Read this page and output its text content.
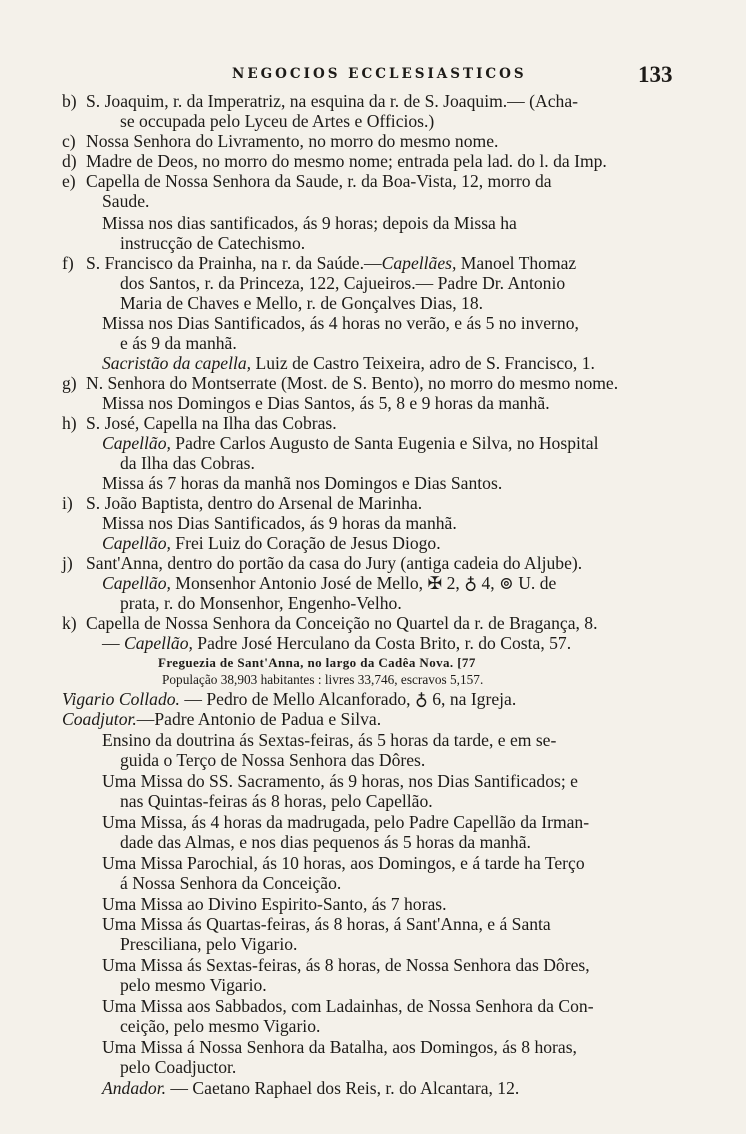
NEGOCIOS ECCLESIASTICOS	133
b) S. Joaquim, r. da Imperatriz, na esquina da r. de S. Joaquim.— (Acha-
se occupada pelo Lyceu de Artes e Officios.)
c) Nossa Senhora do Livramento, no morro do mesmo nome.
d) Madre de Deos, no morro do mesmo nome; entrada pela lad. do l. da Imp.
e) Capella de Nossa Senhora da Saude, r. da Boa-Vista, 12, morro da
Saude.
Missa nos dias santificados, ás 9 horas; depois da Missa ha
instrucção de Catechismo.
f) S. Francisco da Prainha, na r. da Saúde.—Capellães, Manoel Thomaz
dos Santos, r. da Princeza, 122, Cajueiros.— Padre Dr. Antonio
Maria de Chaves e Mello, r. de Gonçalves Dias, 18.
Missa nos Dias Santificados, ás 4 horas no verão, e ás 5 no inverno,
e ás 9 da manhã.
Sacristão da capella, Luiz de Castro Teixeira, adro de S. Francisco, 1.
g) N. Senhora do Montserrate (Most. de S. Bento), no morro do mesmo nome.
Missa nos Domingos e Dias Santos, ás 5, 8 e 9 horas da manhã.
h) S. José, Capella na Ilha das Cobras.
Capellão, Padre Carlos Augusto de Santa Eugenia e Silva, no Hospital
da Ilha das Cobras.
Missa ás 7 horas da manhã nos Domingos e Dias Santos.
i) S. João Baptista, dentro do Arsenal de Marinha.
Missa nos Dias Santificados, ás 9 horas da manhã.
Capellão, Frei Luiz do Coração de Jesus Diogo.
j) Sant'Anna, dentro do portão da casa do Jury (antiga cadeia do Aljube).
Capellão, Monsenhor Antonio José de Mello, ✠ 2, ♁ 4, ⊚ U. de
prata, r. do Monsenhor, Engenho-Velho.
k) Capella de Nossa Senhora da Conceição no Quartel da r. de Bragança, 8.
— Capellão, Padre José Herculano da Costa Brito, r. do Costa, 57.
Freguezia de Sant'Anna, no largo da Cadêa Nova. [77
População 38,903 habitantes : livres 33,746, escravos 5,157.
Vigario Collado. — Pedro de Mello Alcanforado, ♁ 6, na Igreja.
Coadjutor.—Padre Antonio de Padua e Silva.
Ensino da doutrina ás Sextas-feiras, ás 5 horas da tarde, e em se-
guida o Terço de Nossa Senhora das Dôres.
Uma Missa do SS. Sacramento, ás 9 horas, nos Dias Santificados; e
nas Quintas-feiras ás 8 horas, pelo Capellão.
Uma Missa, ás 4 horas da madrugada, pelo Padre Capellão da Irman-
dade das Almas, e nos dias pequenos ás 5 horas da manhã.
Uma Missa Parochial, ás 10 horas, aos Domingos, e á tarde ha Terço
á Nossa Senhora da Conceição.
Uma Missa ao Divino Espirito-Santo, ás 7 horas.
Uma Missa ás Quartas-feiras, ás 8 horas, á Sant'Anna, e á Santa
Presciliana, pelo Vigario.
Uma Missa ás Sextas-feiras, ás 8 horas, de Nossa Senhora das Dôres,
pelo mesmo Vigario.
Uma Missa aos Sabbados, com Ladainhas, de Nossa Senhora da Con-
ceição, pelo mesmo Vigario.
Uma Missa á Nossa Senhora da Batalha, aos Domingos, ás 8 horas,
pelo Coadjuctor.
Andador. — Caetano Raphael dos Reis, r. do Alcantara, 12.
